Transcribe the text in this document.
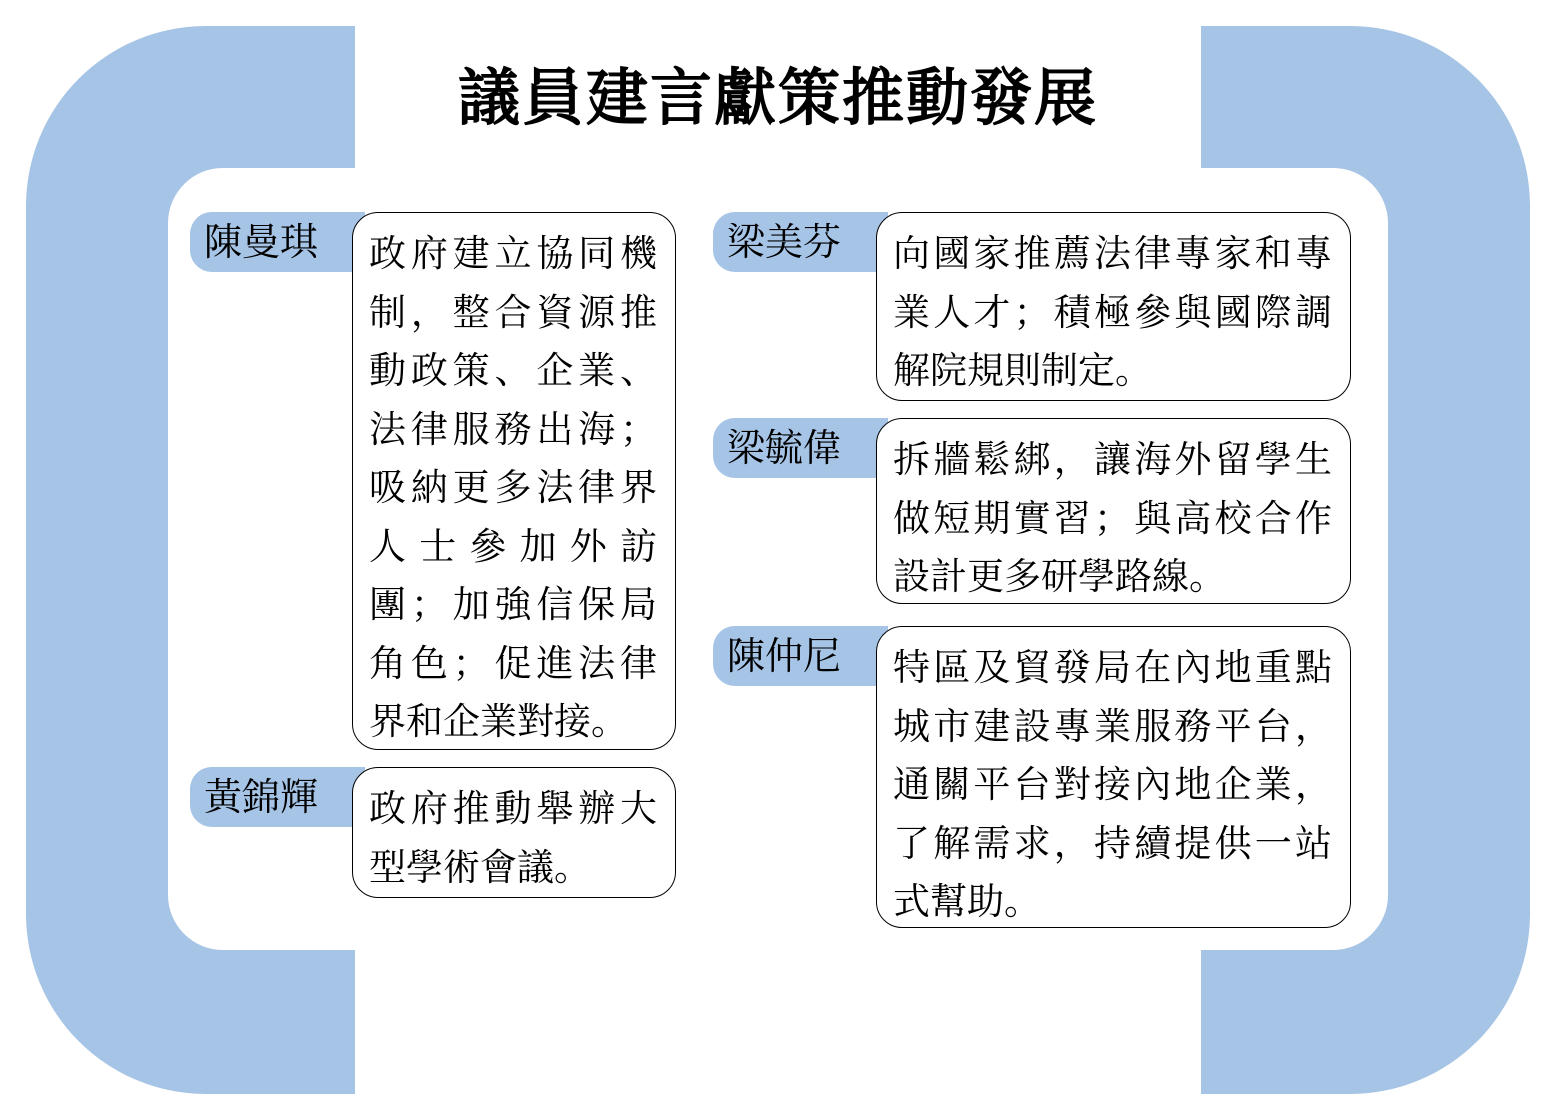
議員建言獻策推動發展
陳曼琪	政府建立協同機制，整合資源推動政策、企業、法律服務出海；吸納更多法律界人士參加外訪團；加強信保局角色；促進法律界和企業對接。
黃錦輝	政府推動舉辦大型學術會議。
梁美芬	向國家推薦法律專家和專業人才；積極參與國際調解院規則制定。
梁毓偉	拆牆鬆綁，讓海外留學生做短期實習；與高校合作設計更多研學路線。
陳仲尼	特區及貿發局在內地重點城市建設專業服務平台，通關平台對接內地企業，了解需求，持續提供一站式幫助。
